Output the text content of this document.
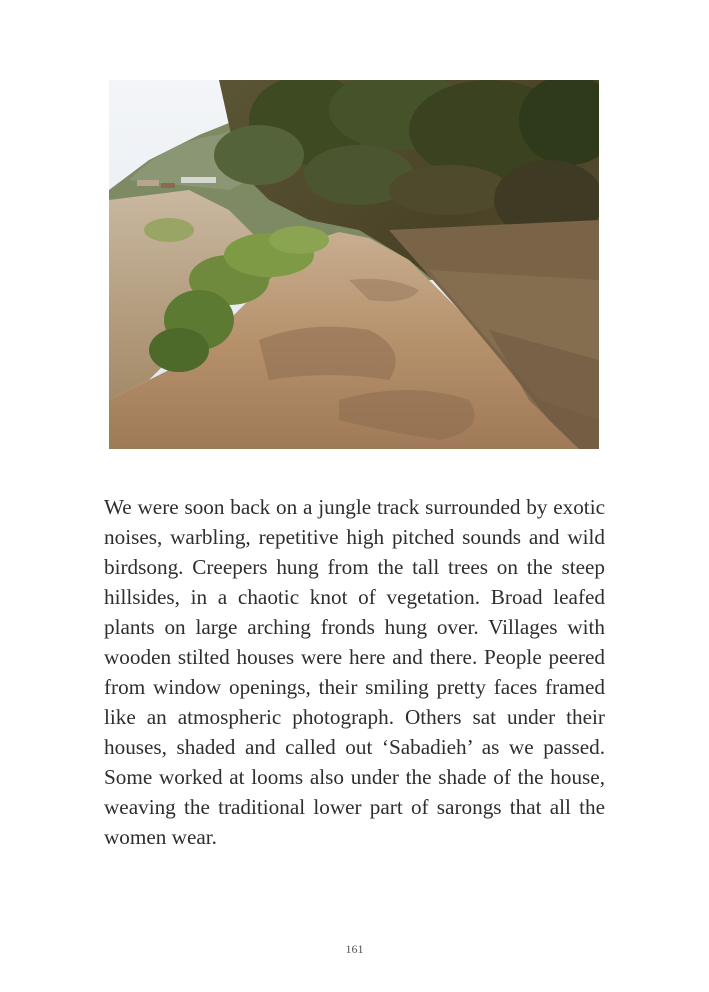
We were soon back on a jungle track surrounded by exotic noises, warbling, repetitive high pitched sounds and wild birdsong. Creepers hung from the tall trees on the steep hillsides, in a chaotic knot of vegetation. Broad leafed plants on large arching fronds hung over. Villages with wooden stilted houses were here and there. People peered from window openings, their smiling pretty faces framed like an atmospheric photograph. Others sat under their houses, shaded and called out ‘Sabadieh’ as we passed. Some worked at looms also under the shade of the house, weaving the traditional lower part of sarongs that all the women wear.

161
